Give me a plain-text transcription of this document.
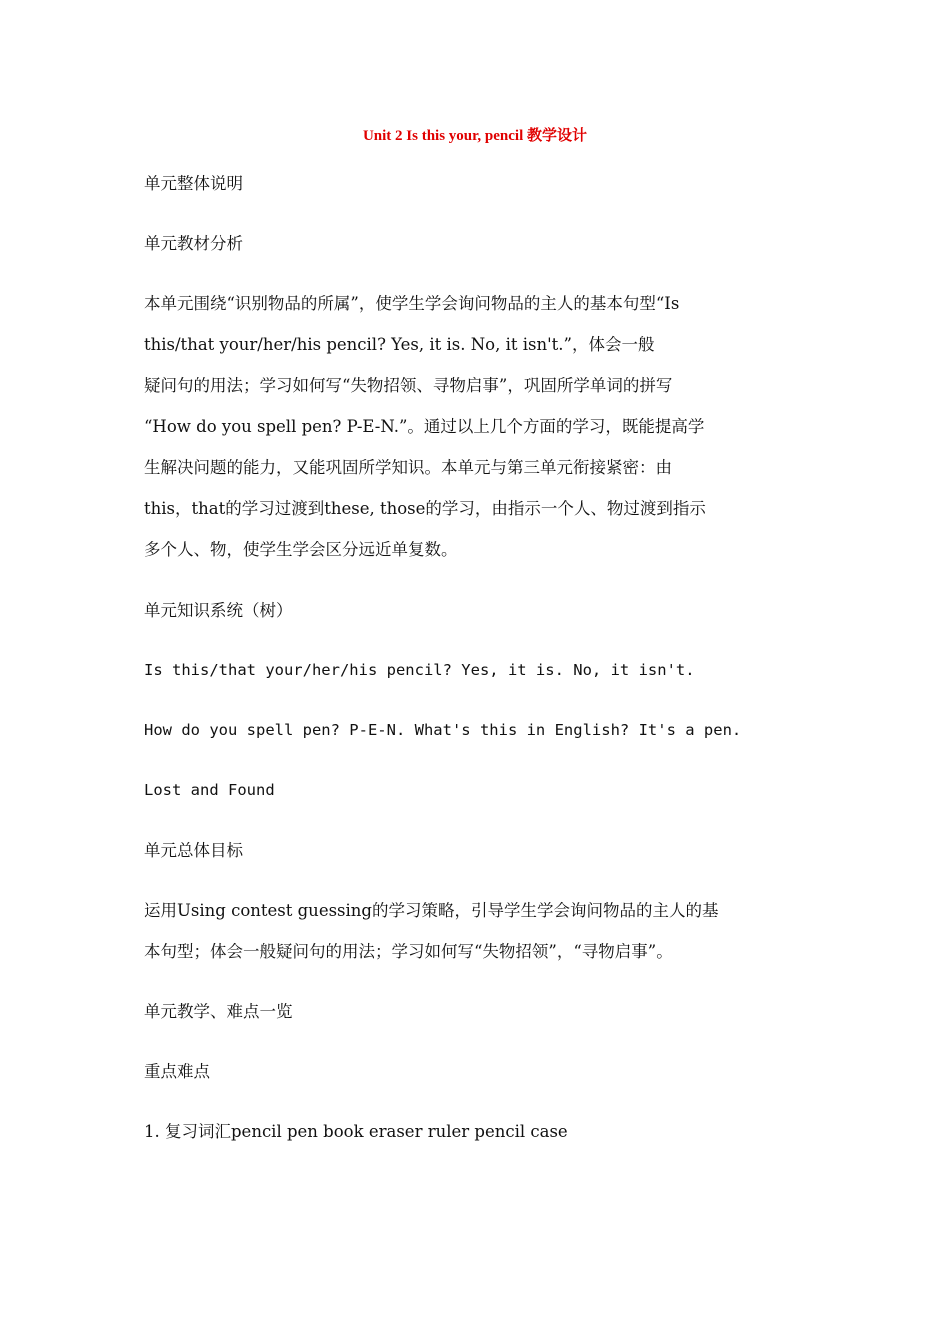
Unit 2 Is this your, pencil 教学设计
单元整体说明
单元教材分析
本单元围绕“识别物品的所属”，使学生学会询问物品的主人的基本句型“Is
this/that your/her/his pencil? Yes, it is. No, it isn't.”，体会一般
疑问句的用法；学习如何写“失物招领、寻物启事”，巩固所学单词的拼写
“How do you spell pen? P-E-N.”。通过以上几个方面的学习，既能提高学
生解决问题的能力，又能巩固所学知识。本单元与第三单元衔接紧密：由
this，that的学习过渡到these, those的学习，由指示一个人、物过渡到指示
多个人、物，使学生学会区分远近单复数。
单元知识系统（树）
Is this/that your/her/his pencil? Yes, it is. No, it isn't.
How do you spell pen? P-E-N. What's this in English? It's a pen.
Lost and Found
单元总体目标
运用Using contest guessing的学习策略，引导学生学会询问物品的主人的基
本句型；体会一般疑问句的用法；学习如何写“失物招领”，“寻物启事”。
单元教学、难点一览
重点难点
1. 复习词汇pencil pen book eraser ruler pencil case
